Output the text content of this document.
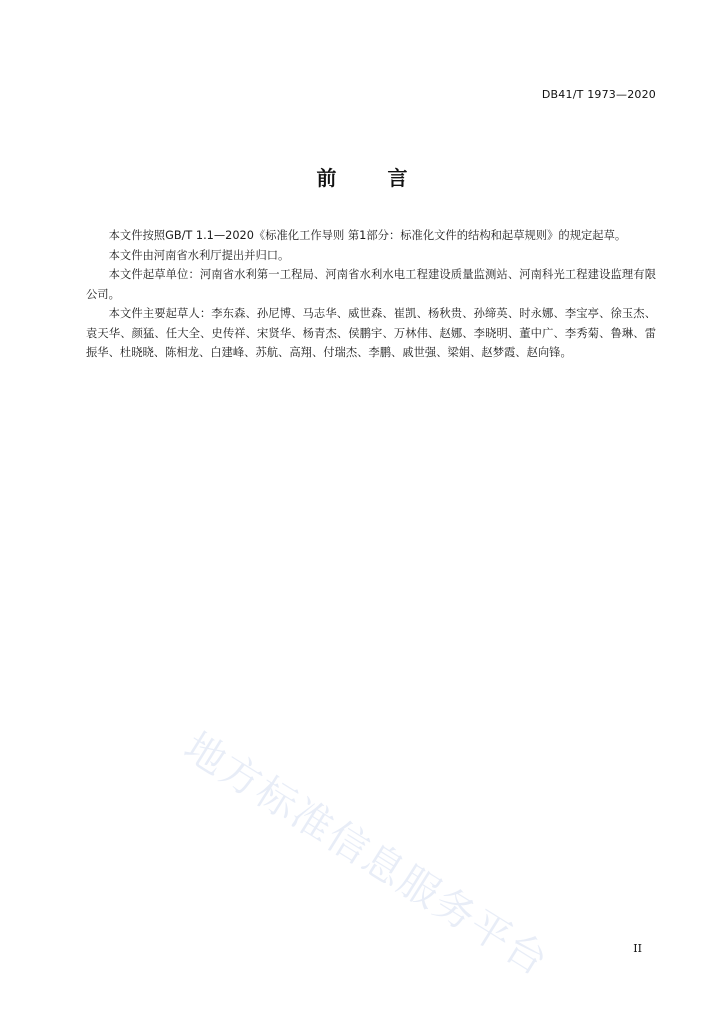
DB41/T 1973—2020
前 言

本文件按照GB/T 1.1—2020《标准化工作导则 第1部分：标准化文件的结构和起草规则》的规定起草。

本文件由河南省水利厅提出并归口。

本文件起草单位：河南省水利第一工程局、河南省水利水电工程建设质量监测站、河南科光工程建设监理有限公司。

本文件主要起草人：李东森、孙尼博、马志华、威世森、崔凯、杨秋贵、孙缔英、时永娜、李宝亭、徐玉杰、袁天华、颜猛、任大全、史传祥、宋贤华、杨青杰、侯鹏宇、万林伟、赵娜、李晓明、董中广、李秀菊、鲁琳、雷振华、杜晓晓、陈相龙、白建峰、苏航、高翔、付瑞杰、李鹏、戚世强、梁娟、赵梦霞、赵向锋。

地方标准信息服务平台	II
